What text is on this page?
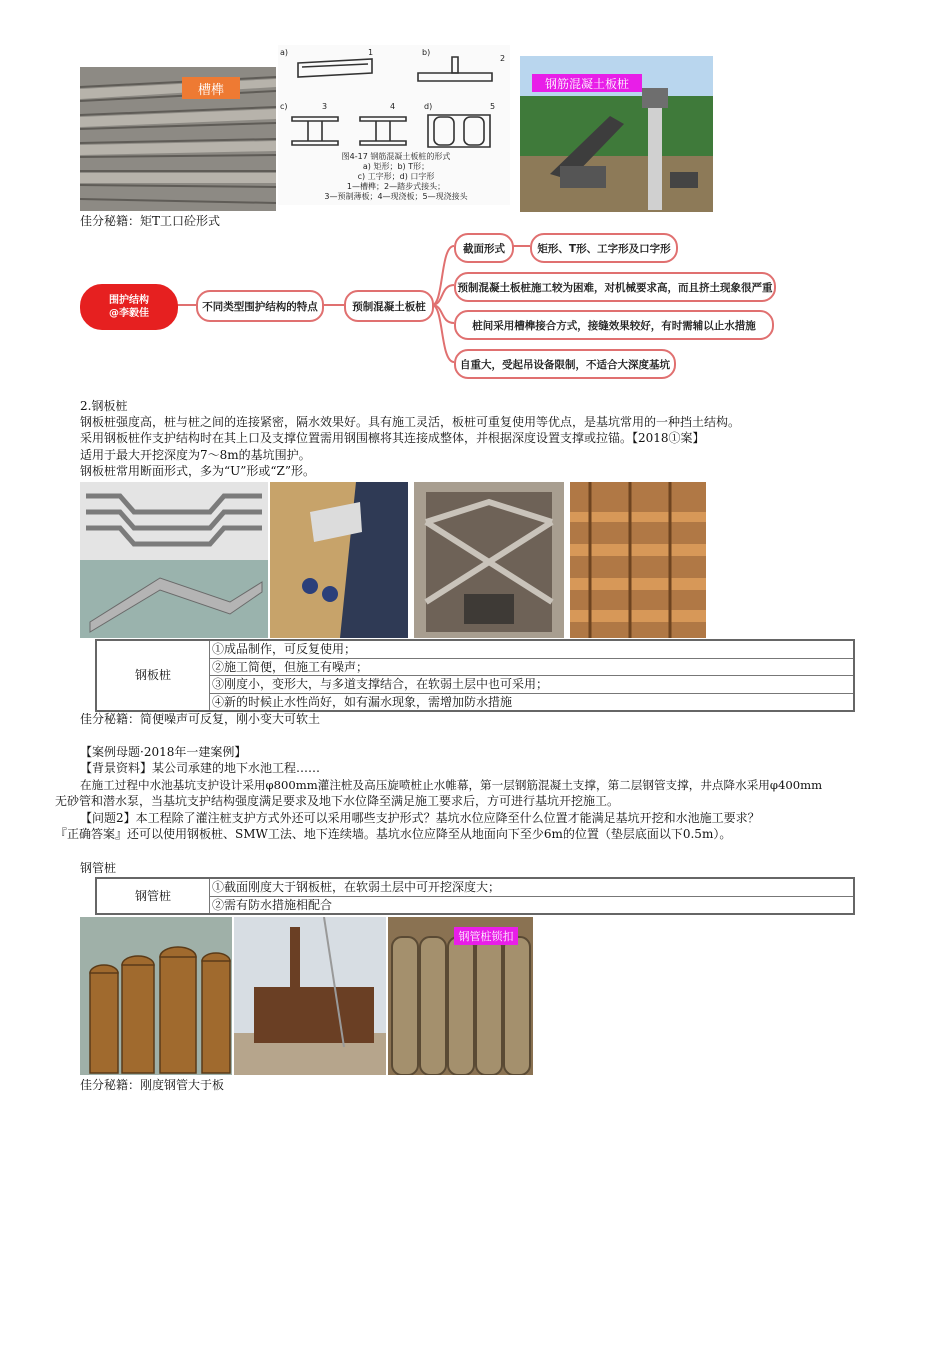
槽榫
a)	b)
c)	d)
1
2
3	4	5
图4-17 钢筋混凝土板桩的形式
a) 矩形；b) T形；
c) 工字形；d) 口字形
1—槽榫；2—踏步式接头；
3—预制薄板；4—现浇板；5—现浇接头
钢筋混凝土板桩
佳分秘籍：矩T工口砼形式
围护结构
@李毅佳
不同类型围护结构的特点	预制混凝土板桩
截面形式	矩形、T形、工字形及口字形
预制混凝土板桩施工较为困难，对机械要求高，而且挤土现象很严重
桩间采用槽榫接合方式，接缝效果较好，有时需辅以止水措施
自重大，受起吊设备限制，不适合大深度基坑
2.钢板桩
钢板桩强度高，桩与桩之间的连接紧密，隔水效果好。具有施工灵活，板桩可重复使用等优点，是基坑常用的一种挡土结构。
采用钢板桩作支护结构时在其上口及支撑位置需用钢围檩将其连接成整体，并根据深度设置支撑或拉锚。【2018①案】
适用于最大开挖深度为7～8m的基坑围护。
钢板桩常用断面形式，多为“U”形或“Z”形。
钢板桩	①成品制作，可反复使用；
②施工简便，但施工有噪声；
③刚度小，变形大，与多道支撑结合，在软弱土层中也可采用；
④新的时候止水性尚好，如有漏水现象，需增加防水措施
佳分秘籍：简便噪声可反复，刚小变大可软土
【案例母题·2018年一建案例】
【背景资料】某公司承建的地下水池工程……
在施工过程中水池基坑支护设计采用φ800mm灌注桩及高压旋喷桩止水帷幕，第一层钢筋混凝土支撑，第二层钢管支撑，井点降水采用φ400mm
无砂管和潜水泵，当基坑支护结构强度满足要求及地下水位降至满足施工要求后，方可进行基坑开挖施工。
【问题2】本工程除了灌注桩支护方式外还可以采用哪些支护形式？基坑水位应降至什么位置才能满足基坑开挖和水池施工要求？
『正确答案』还可以使用钢板桩、SMW工法、地下连续墙。基坑水位应降至从地面向下至少6m的位置（垫层底面以下0.5m）。
钢管桩
钢管桩	①截面刚度大于钢板桩，在软弱土层中可开挖深度大；
②需有防水措施相配合
钢管桩锁扣
佳分秘籍：刚度钢管大于板
